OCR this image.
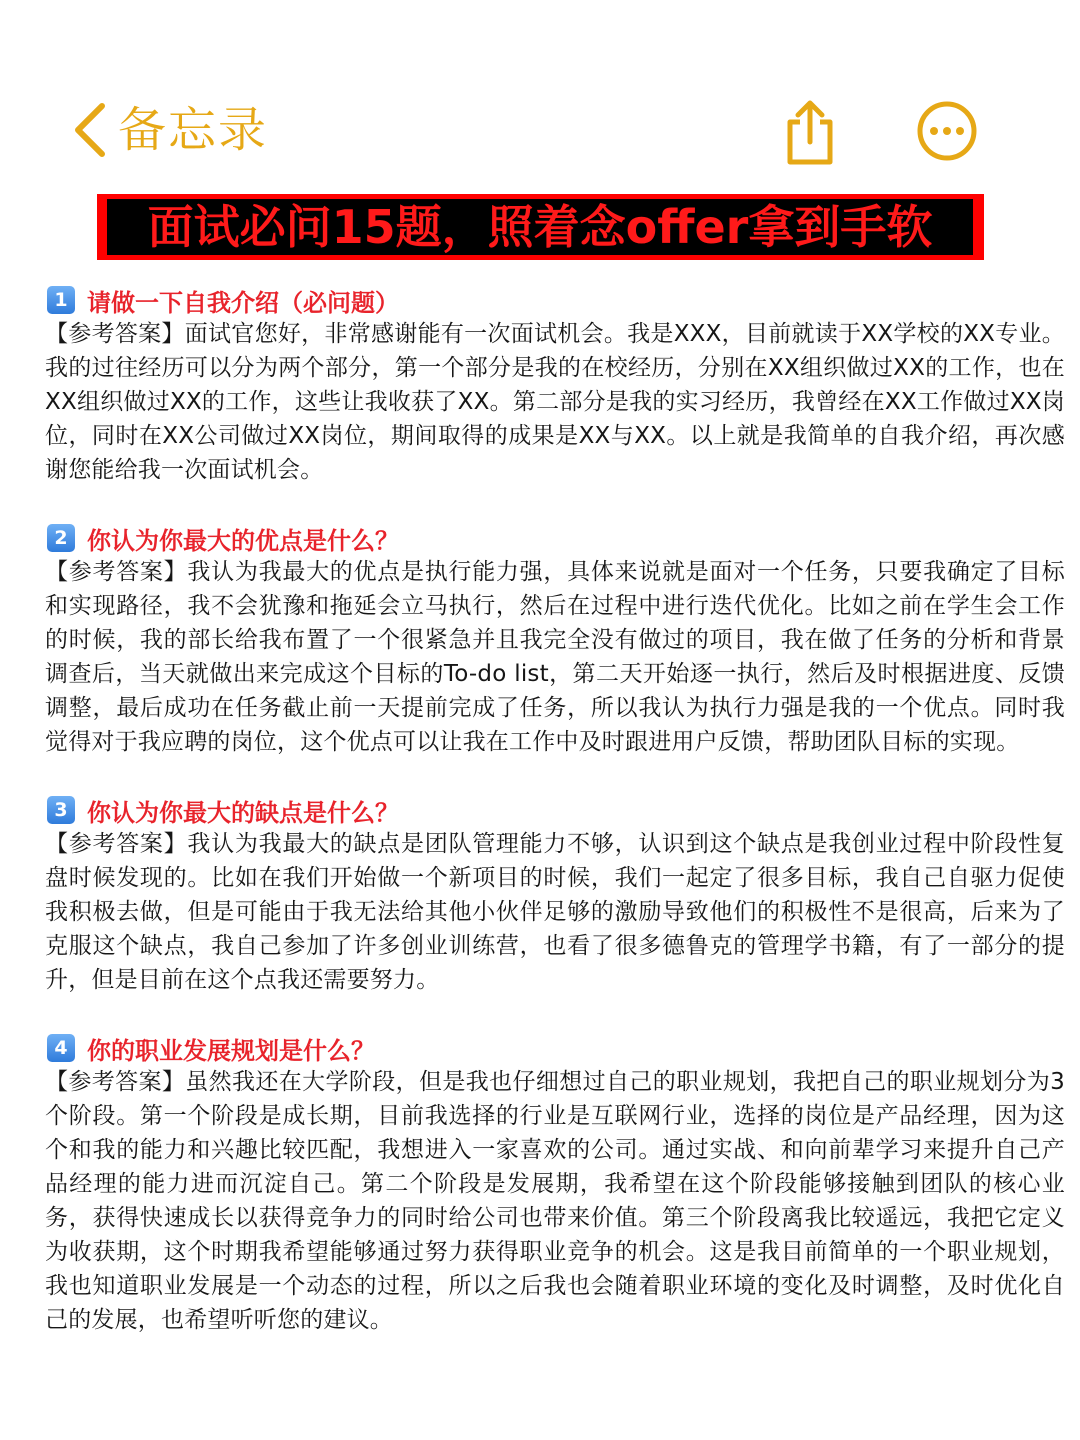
备忘录
面试必问15题，照着念offer拿到手软
1 请做一下自我介绍（必问题）

【参考答案】面试官您好，非常感谢能有一次面试机会。我是XXX，目前就读于XX学校的XX专业。我的过往经历可以分为两个部分，第一个部分是我的在校经历，分别在XX组织做过XX的工作，也在XX组织做过XX的工作，这些让我收获了XX。第二部分是我的实习经历，我曾经在XX工作做过XX岗位，同时在XX公司做过XX岗位，期间取得的成果是XX与XX。以上就是我简单的自我介绍，再次感谢您能给我一次面试机会。

2 你认为你最大的优点是什么？

【参考答案】我认为我最大的优点是执行能力强，具体来说就是面对一个任务，只要我确定了目标和实现路径，我不会犹豫和拖延会立马执行，然后在过程中进行迭代优化。比如之前在学生会工作的时候，我的部长给我布置了一个很紧急并且我完全没有做过的项目，我在做了任务的分析和背景调查后，当天就做出来完成这个目标的To-do list，第二天开始逐一执行，然后及时根据进度、反馈调整，最后成功在任务截止前一天提前完成了任务，所以我认为执行力强是我的一个优点。同时我觉得对于我应聘的岗位，这个优点可以让我在工作中及时跟进用户反馈，帮助团队目标的实现。

3 你认为你最大的缺点是什么？

【参考答案】我认为我最大的缺点是团队管理能力不够，认识到这个缺点是我创业过程中阶段性复盘时候发现的。比如在我们开始做一个新项目的时候，我们一起定了很多目标，我自己自驱力促使我积极去做，但是可能由于我无法给其他小伙伴足够的激励导致他们的积极性不是很高，后来为了克服这个缺点，我自己参加了许多创业训练营，也看了很多德鲁克的管理学书籍，有了一部分的提升，但是目前在这个点我还需要努力。

4 你的职业发展规划是什么？

【参考答案】虽然我还在大学阶段，但是我也仔细想过自己的职业规划，我把自己的职业规划分为3个阶段。第一个阶段是成长期，目前我选择的行业是互联网行业，选择的岗位是产品经理，因为这个和我的能力和兴趣比较匹配，我想进入一家喜欢的公司。通过实战、和向前辈学习来提升自己产品经理的能力进而沉淀自己。第二个阶段是发展期，我希望在这个阶段能够接触到团队的核心业务，获得快速成长以获得竞争力的同时给公司也带来价值。第三个阶段离我比较遥远，我把它定义为收获期，这个时期我希望能够通过努力获得职业竞争的机会。这是我目前简单的一个职业规划，我也知道职业发展是一个动态的过程，所以之后我也会随着职业环境的变化及时调整，及时优化自己的发展，也希望听听您的建议。
